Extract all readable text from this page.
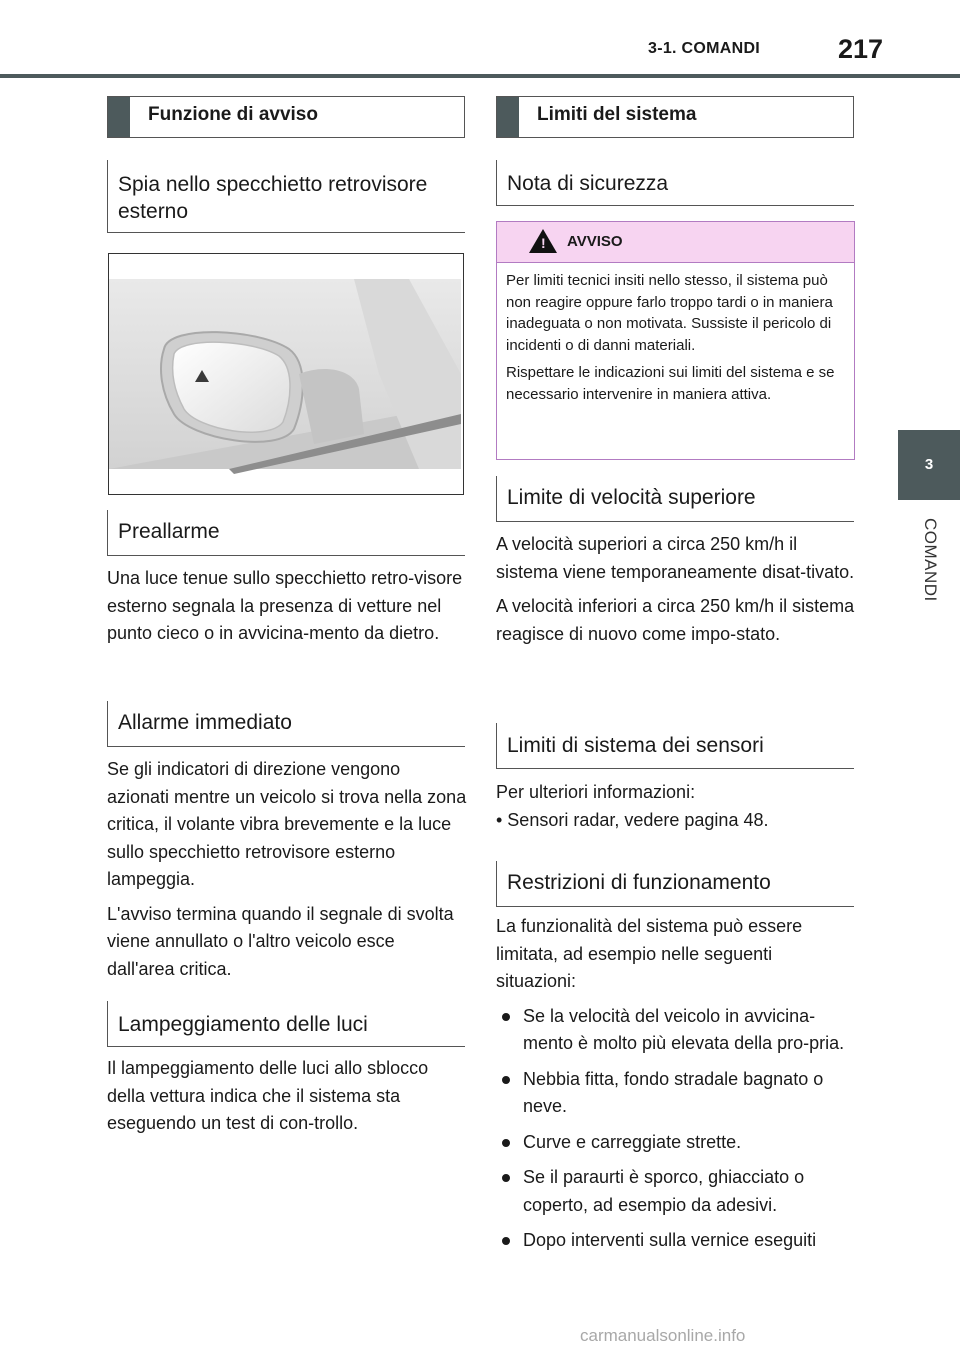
3-1. COMANDI	217
3
COMANDI
Funzione di avviso
Spia nello specchietto retrovisore esterno
Preallarme

Una luce tenue sullo specchietto retro-visore esterno segnala la presenza di vetture nel punto cieco o in avvicina-mento da dietro.

Allarme immediato

Se gli indicatori di direzione vengono azionati mentre un veicolo si trova nella zona critica, il volante vibra brevemente e la luce sullo specchietto retrovisore esterno lampeggia.

L'avviso termina quando il segnale di svolta viene annullato o l'altro veicolo esce dall'area critica.

Lampeggiamento delle luci

Il lampeggiamento delle luci allo sblocco della vettura indica che il sistema sta eseguendo un test di con-trollo.

Limiti del sistema
Nota di sicurezza
! AVVISO

Per limiti tecnici insiti nello stesso, il sistema può non reagire oppure farlo troppo tardi o in maniera inadeguata o non motivata. Sussiste il pericolo di incidenti o di danni materiali.

Rispettare le indicazioni sui limiti del sistema e se necessario intervenire in maniera attiva.

Limite di velocità superiore

A velocità superiori a circa 250 km/h il sistema viene temporaneamente disat-tivato.

A velocità inferiori a circa 250 km/h il sistema reagisce di nuovo come impo-stato.

Limiti di sistema dei sensori
Per ulteriori informazioni:
• Sensori radar, vedere pagina 48.
Restrizioni di funzionamento

La funzionalità del sistema può essere limitata, ad esempio nelle seguenti situazioni:

Se la velocità del veicolo in avvicina-mento è molto più elevata della pro-pria.
Nebbia fitta, fondo stradale bagnato o neve.
Curve e carreggiate strette.
Se il paraurti è sporco, ghiacciato o coperto, ad esempio da adesivi.
Dopo interventi sulla vernice eseguiti
carmanualsonline.info
